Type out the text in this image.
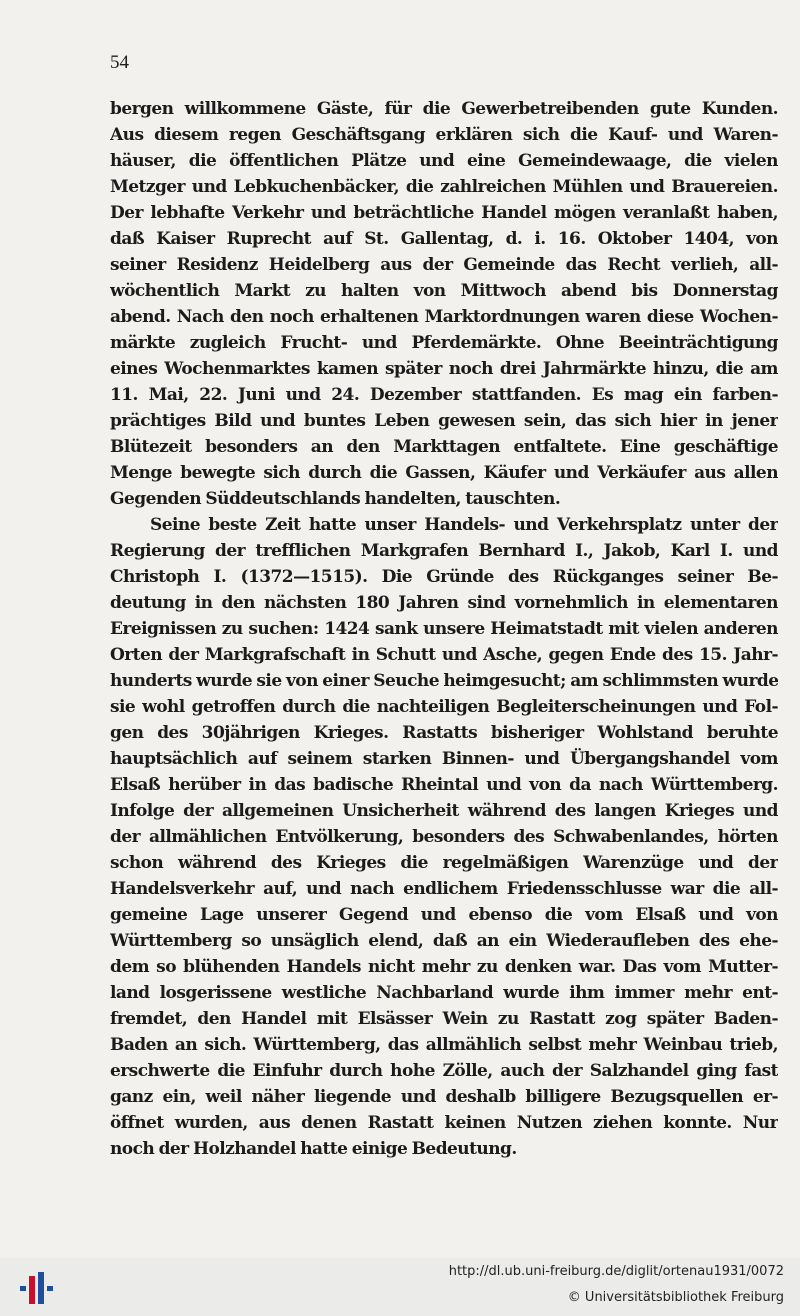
54
bergen willkommene Gäste, für die Gewerbetreibenden gute Kunden.
Aus diesem regen Geschäftsgang erklären sich die Kauf- und Waren-
häuser, die öffentlichen Plätze und eine Gemeindewaage, die vielen
Metzger und Lebkuchenbäcker, die zahlreichen Mühlen und Brauereien.
Der lebhafte Verkehr und beträchtliche Handel mögen veranlaßt haben,
daß Kaiser Ruprecht auf St. Gallentag, d. i. 16. Oktober 1404, von
seiner Residenz Heidelberg aus der Gemeinde das Recht verlieh, all-
wöchentlich Markt zu halten von Mittwoch abend bis Donnerstag
abend. Nach den noch erhaltenen Marktordnungen waren diese Wochen-
märkte zugleich Frucht- und Pferdemärkte. Ohne Beeinträchtigung
eines Wochenmarktes kamen später noch drei Jahrmärkte hinzu, die am
11. Mai, 22. Juni und 24. Dezember stattfanden. Es mag ein farben-
prächtiges Bild und buntes Leben gewesen sein, das sich hier in jener
Blütezeit besonders an den Markttagen entfaltete. Eine geschäftige
Menge bewegte sich durch die Gassen, Käufer und Verkäufer aus allen
Gegenden Süddeutschlands handelten, tauschten.
Seine beste Zeit hatte unser Handels- und Verkehrsplatz unter der
Regierung der trefflichen Markgrafen Bernhard I., Jakob, Karl I. und
Christoph I. (1372—1515). Die Gründe des Rückganges seiner Be-
deutung in den nächsten 180 Jahren sind vornehmlich in elementaren
Ereignissen zu suchen: 1424 sank unsere Heimatstadt mit vielen anderen
Orten der Markgrafschaft in Schutt und Asche, gegen Ende des 15. Jahr-
hunderts wurde sie von einer Seuche heimgesucht; am schlimmsten wurde
sie wohl getroffen durch die nachteiligen Begleiterscheinungen und Fol-
gen des 30jährigen Krieges. Rastatts bisheriger Wohlstand beruhte
hauptsächlich auf seinem starken Binnen- und Übergangshandel vom
Elsaß herüber in das badische Rheintal und von da nach Württemberg.
Infolge der allgemeinen Unsicherheit während des langen Krieges und
der allmählichen Entvölkerung, besonders des Schwabenlandes, hörten
schon während des Krieges die regelmäßigen Warenzüge und der
Handelsverkehr auf, und nach endlichem Friedensschlusse war die all-
gemeine Lage unserer Gegend und ebenso die vom Elsaß und von
Württemberg so unsäglich elend, daß an ein Wiederaufleben des ehe-
dem so blühenden Handels nicht mehr zu denken war. Das vom Mutter-
land losgerissene westliche Nachbarland wurde ihm immer mehr ent-
fremdet, den Handel mit Elsässer Wein zu Rastatt zog später Baden-
Baden an sich. Württemberg, das allmählich selbst mehr Weinbau trieb,
erschwerte die Einfuhr durch hohe Zölle, auch der Salzhandel ging fast
ganz ein, weil näher liegende und deshalb billigere Bezugsquellen er-
öffnet wurden, aus denen Rastatt keinen Nutzen ziehen konnte. Nur
noch der Holzhandel hatte einige Bedeutung.
http://dl.ub.uni-freiburg.de/diglit/ortenau1931/0072
© Universitätsbibliothek Freiburg
